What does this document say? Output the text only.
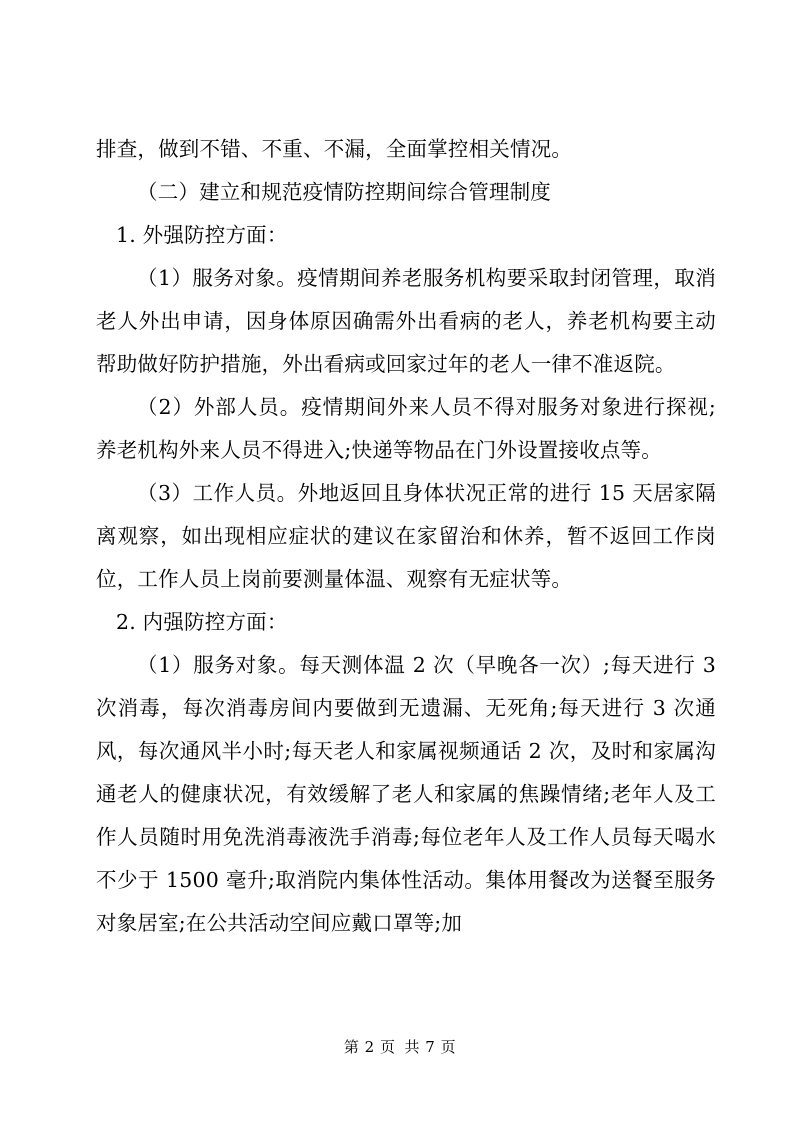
排查，做到不错、不重、不漏，全面掌控相关情况。

（二）建立和规范疫情防控期间综合管理制度

1. 外强防控方面：

（1）服务对象。疫情期间养老服务机构要采取封闭管理，取消老人外出申请，因身体原因确需外出看病的老人，养老机构要主动帮助做好防护措施，外出看病或回家过年的老人一律不准返院。

（2）外部人员。疫情期间外来人员不得对服务对象进行探视;养老机构外来人员不得进入;快递等物品在门外设置接收点等。

（3）工作人员。外地返回且身体状况正常的进行 15 天居家隔离观察，如出现相应症状的建议在家留治和休养，暂不返回工作岗位，工作人员上岗前要测量体温、观察有无症状等。

2. 内强防控方面：

（1）服务对象。每天测体温 2 次（早晚各一次）;每天进行 3 次消毒，每次消毒房间内要做到无遗漏、无死角;每天进行 3 次通风，每次通风半小时;每天老人和家属视频通话 2 次，及时和家属沟通老人的健康状况，有效缓解了老人和家属的焦躁情绪;老年人及工作人员随时用免洗消毒液洗手消毒;每位老年人及工作人员每天喝水不少于 1500 毫升;取消院内集体性活动。集体用餐改为送餐至服务对象居室;在公共活动空间应戴口罩等;加

第 2 页 共 7 页
